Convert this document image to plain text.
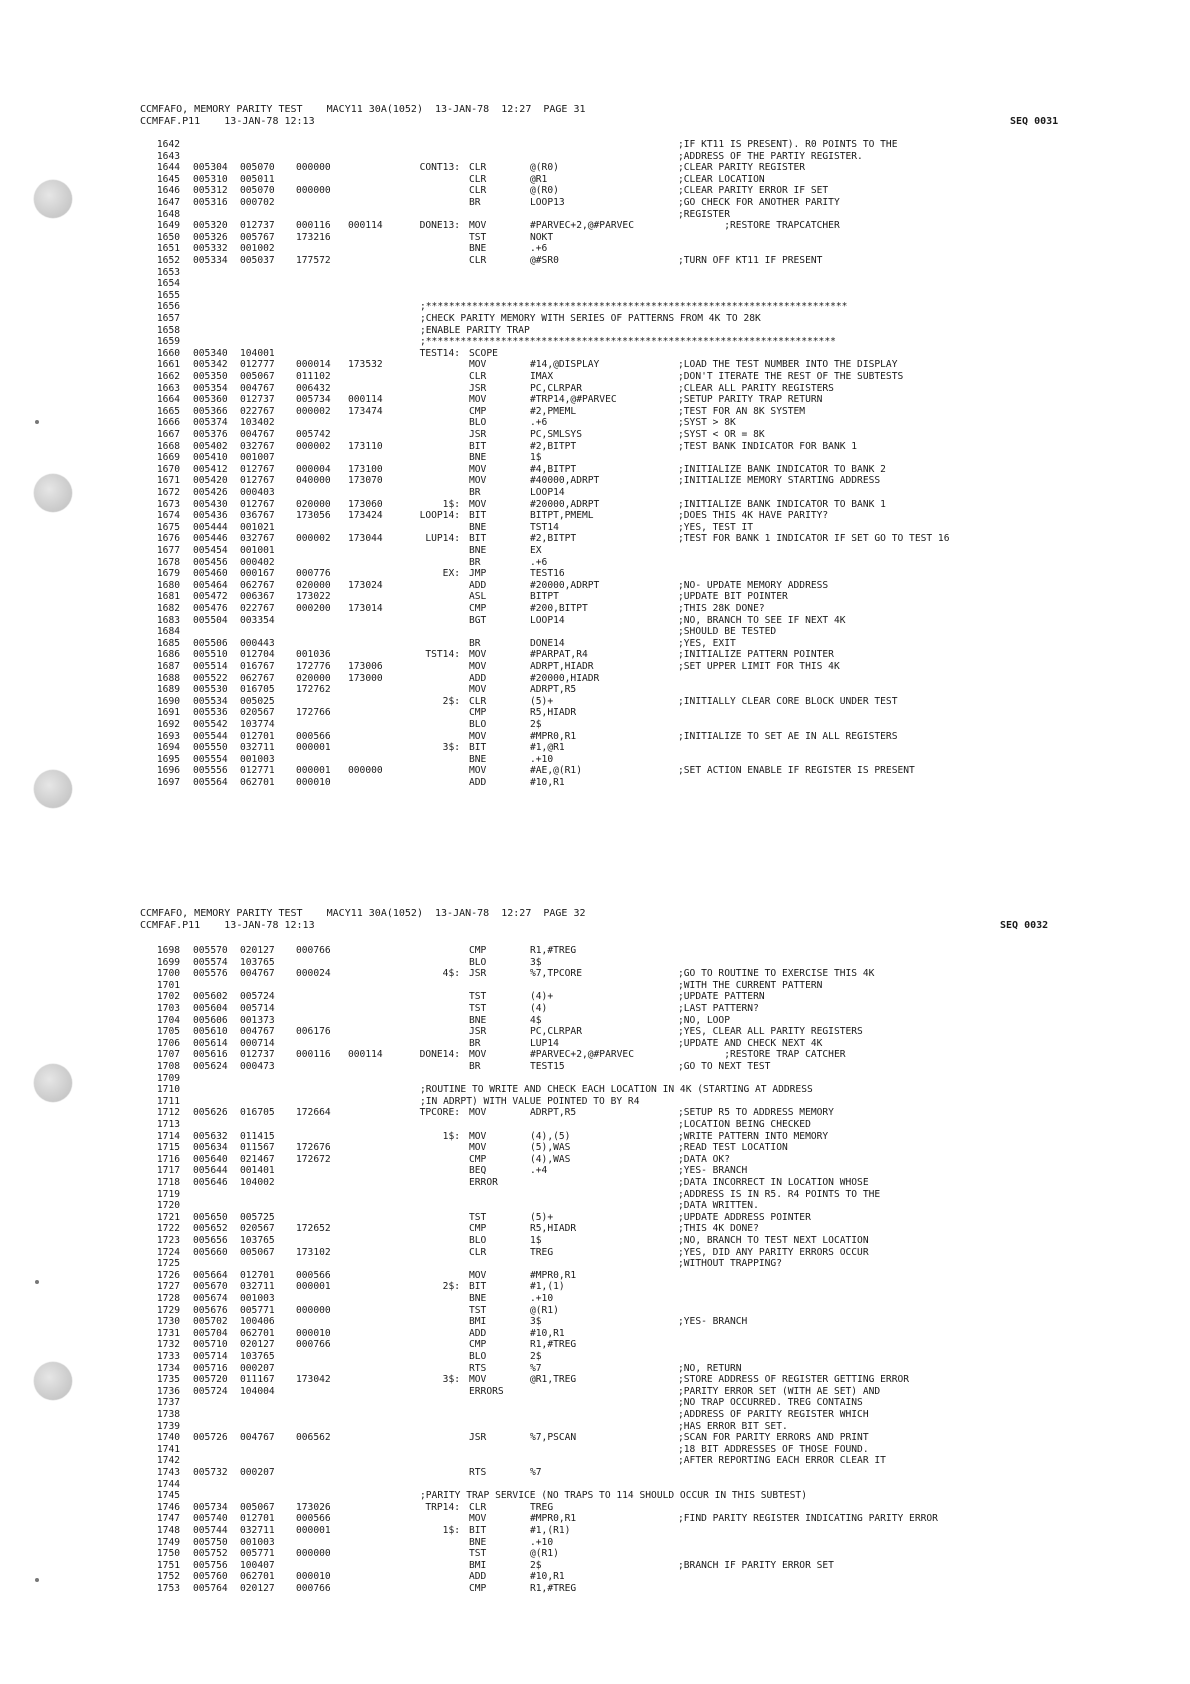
CCMFAFO, MEMORY PARITY TEST    MACY11 30A(1052)  13-JAN-78  12:27  PAGE 31
CCMFAF.P11    13-JAN-78 12:13	SEQ 0031
1642	;IF KT11 IS PRESENT). R0 POINTS TO THE
1643	;ADDRESS OF THE PARTIY REGISTER.
1644 005304 005070 000000	CONT13: CLR	@(R0)	;CLEAR PARITY REGISTER
1645 005310 005011	CLR	@R1	;CLEAR LOCATION
1646 005312 005070 000000	CLR	@(R0)	;CLEAR PARITY ERROR IF SET
1647 005316 000702	BR	LOOP13	;GO CHECK FOR ANOTHER PARITY
1648	;REGISTER
1649 005320 012737 000116 000114	DONE13: MOV	#PARVEC+2,@#PARVEC	;RESTORE TRAPCATCHER
1650 005326 005767 173216	TST	NOKT
1651 005332 001002	BNE	.+6
1652 005334 005037 177572	CLR	@#SR0	;TURN OFF KT11 IF PRESENT
1653
1654
1655
1656	;*************************************************************************
1657	;CHECK PARITY MEMORY WITH SERIES OF PATTERNS FROM 4K TO 28K
1658	;ENABLE PARITY TRAP
1659	;***********************************************************************
1660 005340 104001	TEST14: SCOPE
1661 005342 012777 000014 173532	MOV	#14,@DISPLAY	;LOAD THE TEST NUMBER INTO THE DISPLAY
1662 005350 005067 011102	CLR	IMAX	;DON'T ITERATE THE REST OF THE SUBTESTS
1663 005354 004767 006432	JSR	PC,CLRPAR	;CLEAR ALL PARITY REGISTERS
1664 005360 012737 005734 000114	MOV	#TRP14,@#PARVEC	;SETUP PARITY TRAP RETURN
1665 005366 022767 000002 173474	CMP	#2,PMEML	;TEST FOR AN 8K SYSTEM
1666 005374 103402	BLO	.+6	;SYST > 8K
1667 005376 004767 005742	JSR	PC,SMLSYS	;SYST < OR = 8K
1668 005402 032767 000002 173110	BIT	#2,BITPT	;TEST BANK INDICATOR FOR BANK 1
1669 005410 001007	BNE	1$
1670 005412 012767 000004 173100	MOV	#4,BITPT	;INITIALIZE BANK INDICATOR TO BANK 2
1671 005420 012767 040000 173070	MOV	#40000,ADRPT	;INITIALIZE MEMORY STARTING ADDRESS
1672 005426 000403	BR	LOOP14
1673 005430 012767 020000 173060	1$: MOV	#20000,ADRPT	;INITIALIZE BANK INDICATOR TO BANK 1
1674 005436 036767 173056 173424	LOOP14: BIT	BITPT,PMEML	;DOES THIS 4K HAVE PARITY?
1675 005444 001021	BNE	TST14	;YES, TEST IT
1676 005446 032767 000002 173044	LUP14: BIT	#2,BITPT	;TEST FOR BANK 1 INDICATOR IF SET GO TO TEST 16
1677 005454 001001	BNE	EX
1678 005456 000402	BR	.+6
1679 005460 000167 000776	EX: JMP	TEST16
1680 005464 062767 020000 173024	ADD	#20000,ADRPT	;NO- UPDATE MEMORY ADDRESS
1681 005472 006367 173022	ASL	BITPT	;UPDATE BIT POINTER
1682 005476 022767 000200 173014	CMP	#200,BITPT	;THIS 28K DONE?
1683 005504 003354	BGT	LOOP14	;NO, BRANCH TO SEE IF NEXT 4K
1684	;SHOULD BE TESTED
1685 005506 000443	BR	DONE14	;YES, EXIT
1686 005510 012704 001036	TST14: MOV	#PARPAT,R4	;INITIALIZE PATTERN POINTER
1687 005514 016767 172776 173006	MOV	ADRPT,HIADR	;SET UPPER LIMIT FOR THIS 4K
1688 005522 062767 020000 173000	ADD	#20000,HIADR
1689 005530 016705 172762	MOV	ADRPT,R5
1690 005534 005025	2$: CLR	(5)+	;INITIALLY CLEAR CORE BLOCK UNDER TEST
1691 005536 020567 172766	CMP	R5,HIADR
1692 005542 103774	BLO	2$
1693 005544 012701 000566	MOV	#MPR0,R1	;INITIALIZE TO SET AE IN ALL REGISTERS
1694 005550 032711 000001	3$: BIT	#1,@R1
1695 005554 001003	BNE	.+10
1696 005556 012771 000001 000000	MOV	#AE,@(R1)	;SET ACTION ENABLE IF REGISTER IS PRESENT
1697 005564 062701 000010	ADD	#10,R1
CCMFAFO, MEMORY PARITY TEST    MACY11 30A(1052)  13-JAN-78  12:27  PAGE 32
CCMFAF.P11    13-JAN-78 12:13	SEQ 0032
1698 005570 020127 000766	CMP	R1,#TREG
1699 005574 103765	BLO	3$
1700 005576 004767 000024	4$: JSR	%7,TPCORE	;GO TO ROUTINE TO EXERCISE THIS 4K
1701	;WITH THE CURRENT PATTERN
1702 005602 005724	TST	(4)+	;UPDATE PATTERN
1703 005604 005714	TST	(4)	;LAST PATTERN?
1704 005606 001373	BNE	4$	;NO, LOOP
1705 005610 004767 006176	JSR	PC,CLRPAR	;YES, CLEAR ALL PARITY REGISTERS
1706 005614 000714	BR	LUP14	;UPDATE AND CHECK NEXT 4K
1707 005616 012737 000116 000114	DONE14: MOV	#PARVEC+2,@#PARVEC	;RESTORE TRAP CATCHER
1708 005624 000473	BR	TEST15	;GO TO NEXT TEST
1709
1710	;ROUTINE TO WRITE AND CHECK EACH LOCATION IN 4K (STARTING AT ADDRESS
1711	;IN ADRPT) WITH VALUE POINTED TO BY R4
1712 005626 016705 172664	TPCORE: MOV	ADRPT,R5	;SETUP R5 TO ADDRESS MEMORY
1713	;LOCATION BEING CHECKED
1714 005632 011415	1$: MOV	(4),(5)	;WRITE PATTERN INTO MEMORY
1715 005634 011567 172676	MOV	(5),WAS	;READ TEST LOCATION
1716 005640 021467 172672	CMP	(4),WAS	;DATA OK?
1717 005644 001401	BEQ	.+4	;YES- BRANCH
1718 005646 104002	ERROR	;DATA INCORRECT IN LOCATION WHOSE
1719	;ADDRESS IS IN R5. R4 POINTS TO THE
1720	;DATA WRITTEN.
1721 005650 005725	TST	(5)+	;UPDATE ADDRESS POINTER
1722 005652 020567 172652	CMP	R5,HIADR	;THIS 4K DONE?
1723 005656 103765	BLO	1$	;NO, BRANCH TO TEST NEXT LOCATION
1724 005660 005067 173102	CLR	TREG	;YES, DID ANY PARITY ERRORS OCCUR
1725	;WITHOUT TRAPPING?
1726 005664 012701 000566	MOV	#MPR0,R1
1727 005670 032711 000001	2$: BIT	#1,(1)
1728 005674 001003	BNE	.+10
1729 005676 005771 000000	TST	@(R1)
1730 005702 100406	BMI	3$	;YES- BRANCH
1731 005704 062701 000010	ADD	#10,R1
1732 005710 020127 000766	CMP	R1,#TREG
1733 005714 103765	BLO	2$
1734 005716 000207	RTS	%7	;NO, RETURN
1735 005720 011167 173042	3$: MOV	@R1,TREG	;STORE ADDRESS OF REGISTER GETTING ERROR
1736 005724 104004	ERRORS	;PARITY ERROR SET (WITH AE SET) AND
1737	;NO TRAP OCCURRED. TREG CONTAINS
1738	;ADDRESS OF PARITY REGISTER WHICH
1739	;HAS ERROR BIT SET.
1740 005726 004767 006562	JSR	%7,PSCAN	;SCAN FOR PARITY ERRORS AND PRINT
1741	;18 BIT ADDRESSES OF THOSE FOUND.
1742	;AFTER REPORTING EACH ERROR CLEAR IT
1743 005732 000207	RTS	%7
1744
1745	;PARITY TRAP SERVICE (NO TRAPS TO 114 SHOULD OCCUR IN THIS SUBTEST)
1746 005734 005067 173026	TRP14: CLR	TREG
1747 005740 012701 000566	MOV	#MPR0,R1	;FIND PARITY REGISTER INDICATING PARITY ERROR
1748 005744 032711 000001	1$: BIT	#1,(R1)
1749 005750 001003	BNE	.+10
1750 005752 005771 000000	TST	@(R1)
1751 005756 100407	BMI	2$	;BRANCH IF PARITY ERROR SET
1752 005760 062701 000010	ADD	#10,R1
1753 005764 020127 000766	CMP	R1,#TREG
